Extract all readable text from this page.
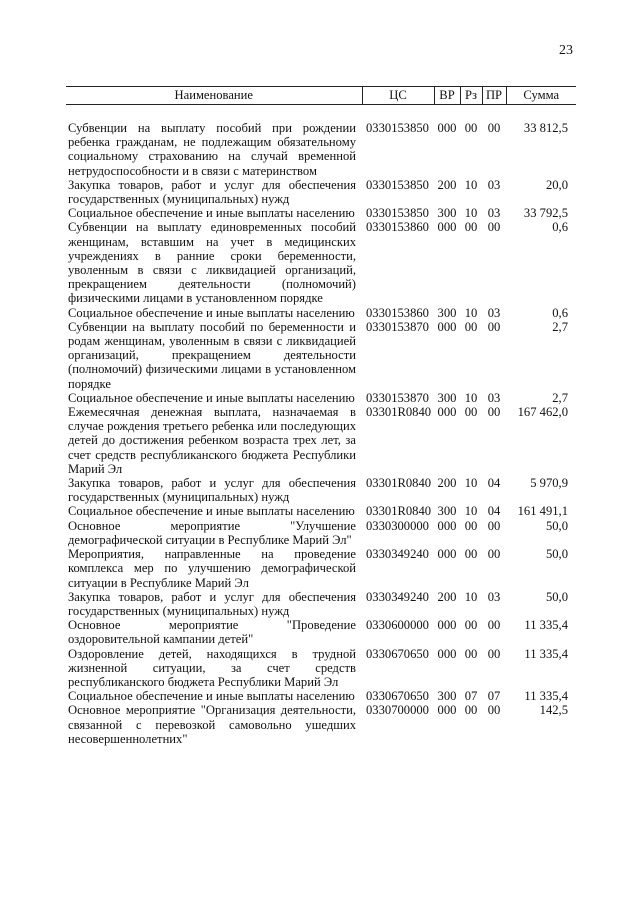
23
Наименование	ЦС	ВР	Рз	ПР	Сумма
Субвенции на выплату пособий при рождении ребенка гражданам, не подлежащим обязательному социальному страхованию на случай временной нетрудоспособности и в связи с материнством	0330153850	000	00	00	33 812,5
Закупка товаров, работ и услуг для обеспечения государственных (муниципальных) нужд	0330153850	200	10	03	20,0
Социальное обеспечение и иные выплаты населению	0330153850	300	10	03	33 792,5
Субвенции на выплату единовременных пособий женщинам, вставшим на учет в медицинских учреждениях в ранние сроки беременности, уволенным в связи с ликвидацией организаций, прекращением деятельности (полномочий) физическими лицами в установленном порядке	0330153860	000	00	00	0,6
Социальное обеспечение и иные выплаты населению	0330153860	300	10	03	0,6
Субвенции на выплату пособий по беременности и родам женщинам, уволенным в связи с ликвидацией организаций, прекращением деятельности (полномочий) физическими лицами в установленном порядке	0330153870	000	00	00	2,7
Социальное обеспечение и иные выплаты населению	0330153870	300	10	03	2,7
Ежемесячная денежная выплата, назначаемая в случае рождения третьего ребенка или последующих детей до достижения ребенком возраста трех лет, за счет средств республиканского бюджета Республики Марий Эл	03301R0840	000	00	00	167 462,0
Закупка товаров, работ и услуг для обеспечения государственных (муниципальных) нужд	03301R0840	200	10	04	5 970,9
Социальное обеспечение и иные выплаты населению	03301R0840	300	10	04	161 491,1
Основное мероприятие "Улучшение демографической ситуации в Республике Марий Эл"	0330300000	000	00	00	50,0
Мероприятия, направленные на проведение комплекса мер по улучшению демографической ситуации в Республике Марий Эл	0330349240	000	00	00	50,0
Закупка товаров, работ и услуг для обеспечения государственных (муниципальных) нужд	0330349240	200	10	03	50,0
Основное мероприятие "Проведение оздоровительной кампании детей"	0330600000	000	00	00	11 335,4
Оздоровление детей, находящихся в трудной жизненной ситуации, за счет средств республиканского бюджета Республики Марий Эл	0330670650	000	00	00	11 335,4
Социальное обеспечение и иные выплаты населению	0330670650	300	07	07	11 335,4
Основное мероприятие "Организация деятельности, связанной с перевозкой самовольно ушедших несовершеннолетних"	0330700000	000	00	00	142,5
